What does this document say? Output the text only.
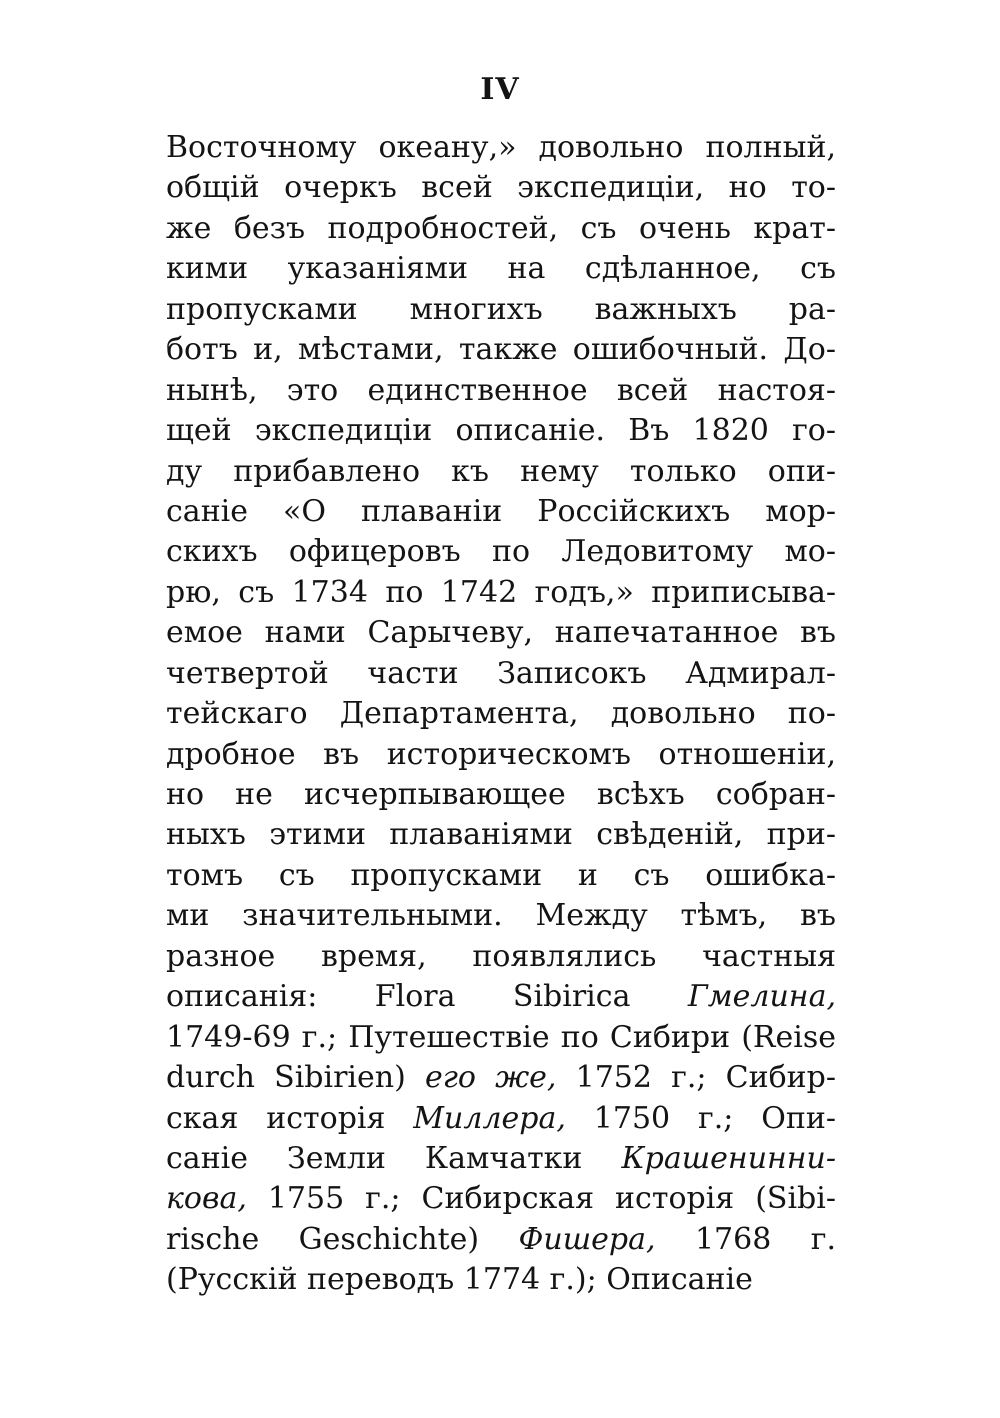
IV
Восточному океану,» довольно полный,
общій очеркъ всей экспедиціи, но то-
же безъ подробностей, съ очень крат-
кими указаніями на сдѣланное, съ
пропусками многихъ важныхъ ра-
ботъ и, мѣстами, также ошибочный. До-
нынѣ, это единственное всей настоя-
щей экспедиціи описаніе. Въ 1820 го-
ду прибавлено къ нему только опи-
саніе «О плаваніи Россійскихъ мор-
скихъ офицеровъ по Ледовитому мо-
рю, съ 1734 по 1742 годъ,» приписыва-
емое нами Сарычеву, напечатанное въ
четвертой части Записокъ Адмирал-
тейскаго Департамента, довольно по-
дробное въ историческомъ отношеніи,
но не исчерпывающее всѣхъ собран-
ныхъ этими плаваніями свѣденій, при-
томъ съ пропусками и съ ошибка-
ми значительными. Между тѣмъ, въ
разное время, появлялись частныя
описанія: Flora Sibirica Гмелина,
1749-69 г.; Путешествіе по Сибири (Reise
durch Sibirien) его же, 1752 г.; Сибир-
ская исторія Миллера, 1750 г.; Опи-
саніе Земли Камчатки Крашенинни-
кова, 1755 г.; Сибирская исторія (Sibi-
rische Geschichte) Фишера, 1768 г.
(Русскій переводъ 1774 г.); Описаніе
